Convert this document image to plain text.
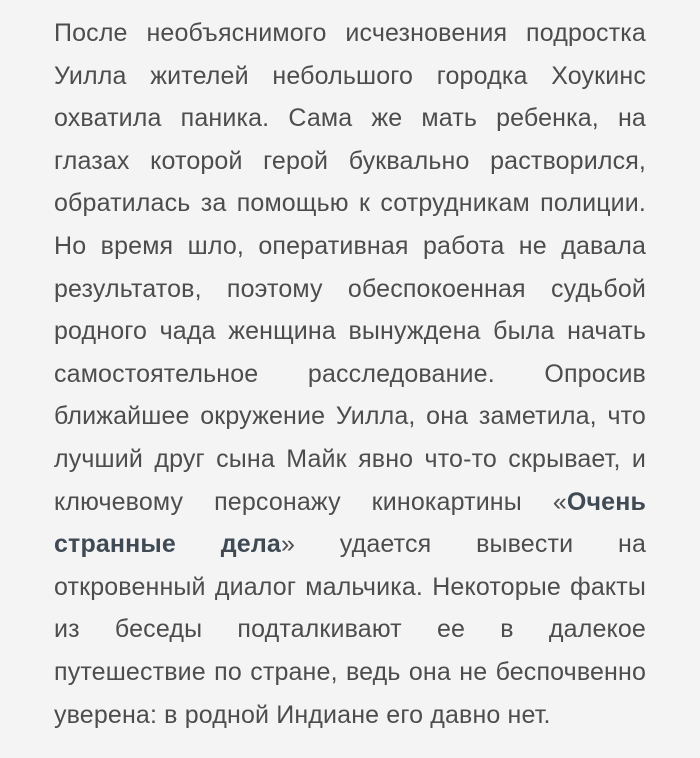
После необъяснимого исчезновения подростка Уилла жителей небольшого городка Хоукинс охватила паника. Сама же мать ребенка, на глазах которой герой буквально растворился, обратилась за помощью к сотрудникам полиции. Но время шло, оперативная работа не давала результатов, поэтому обеспокоенная судьбой родного чада женщина вынуждена была начать самостоятельное расследование. Опросив ближайшее окружение Уилла, она заметила, что лучший друг сына Майк явно что-то скрывает, и ключевому персонажу кинокартины «Очень странные дела» удается вывести на откровенный диалог мальчика. Некоторые факты из беседы подталкивают ее в далекое путешествие по стране, ведь она не беспочвенно уверена: в родной Индиане его давно нет.
